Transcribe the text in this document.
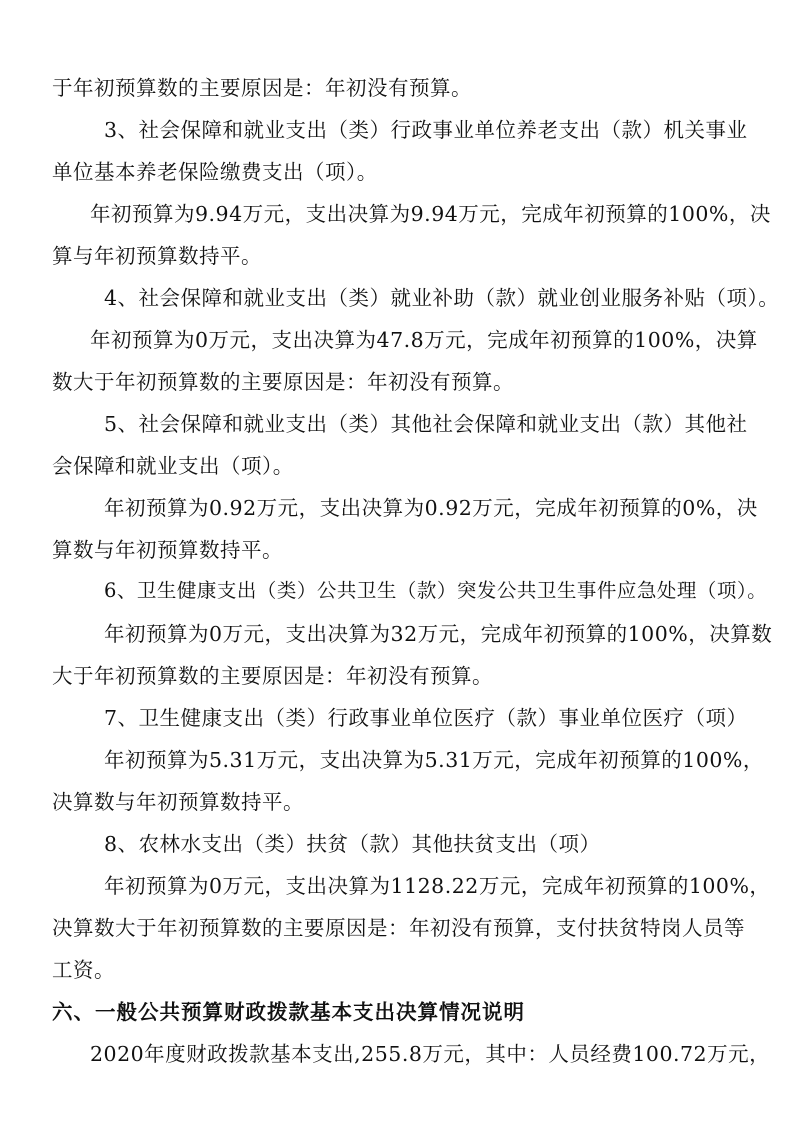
于年初预算数的主要原因是：年初没有预算。

3、社会保障和就业支出（类）行政事业单位养老支出（款）机关事业

单位基本养老保险缴费支出（项）。

年初预算为9.94万元，支出决算为9.94万元，完成年初预算的100%，决

算与年初预算数持平。

4、社会保障和就业支出（类）就业补助（款）就业创业服务补贴（项）。

年初预算为0万元，支出决算为47.8万元，完成年初预算的100%，决算

数大于年初预算数的主要原因是：年初没有预算。

5、社会保障和就业支出（类）其他社会保障和就业支出（款）其他社

会保障和就业支出（项）。

年初预算为0.92万元，支出决算为0.92万元，完成年初预算的0%，决

算数与年初预算数持平。

6、卫生健康支出（类）公共卫生（款）突发公共卫生事件应急处理（项）。

年初预算为0万元，支出决算为32万元，完成年初预算的100%，决算数

大于年初预算数的主要原因是：年初没有预算。

7、卫生健康支出（类）行政事业单位医疗（款）事业单位医疗（项）

年初预算为5.31万元，支出决算为5.31万元，完成年初预算的100%，

决算数与年初预算数持平。

8、农林水支出（类）扶贫（款）其他扶贫支出（项）

年初预算为0万元，支出决算为1128.22万元，完成年初预算的100%，

决算数大于年初预算数的主要原因是：年初没有预算，支付扶贫特岗人员等

工资。

六、一般公共预算财政拨款基本支出决算情况说明

2020年度财政拨款基本支出,255.8万元，其中：人员经费100.72万元，
